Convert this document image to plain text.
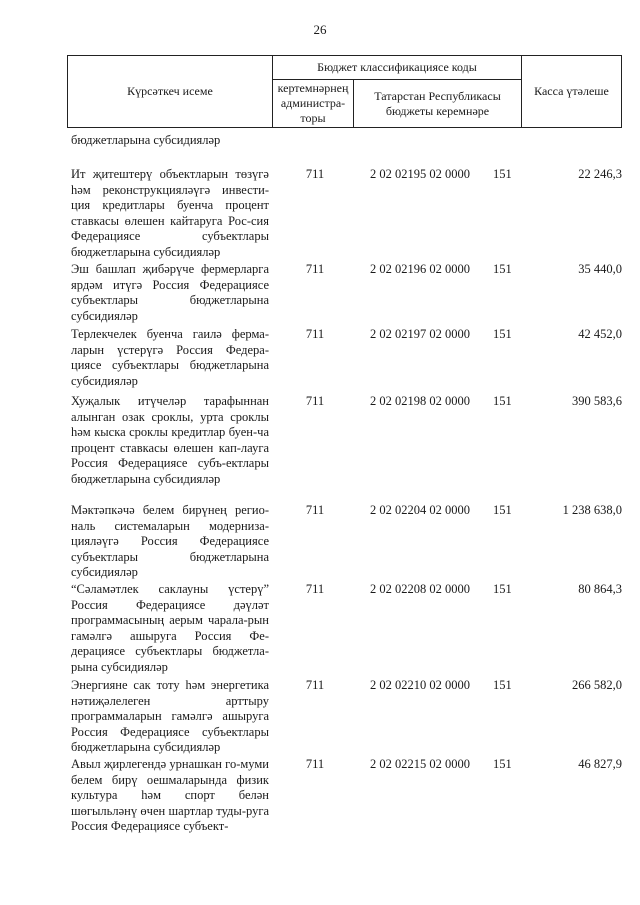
26
Күрсәткеч исеме
Бюджет классификациясе коды
кертемнәрнең администра-торы
Татарстан Республикасы бюджеты керемнәре
Касса үтәлеше
бюджетларына субсидияләр
Ит җитештерү объектларын төзүгә һәм реконструкцияләүгә инвести-ция кредитлары буенча процент ставкасы өлешен кайтаруга Рос-сия Федерациясе субъектлары бюджетларына субсидияләр
711	2 02 02195 02 0000	151	22 246,3
Эш башлап җибәрүче фермерларга ярдәм итүгә Россия Федерациясе субъектлары бюджетларына субсидияләр
711	2 02 02196 02 0000	151	35 440,0
Терлекчелек буенча гаилә ферма-ларын үстерүгә Россия Федера-циясе субъектлары бюджетларына субсидияләр
711	2 02 02197 02 0000	151	42 452,0
Хуҗалык итүчеләр тарафыннан алынган озак сроклы, урта сроклы һәм кыска сроклы кредитлар буен-ча процент ставкасы өлешен кап-лауга Россия Федерациясе субъ-ектлары бюджетларына субсидияләр
711	2 02 02198 02 0000	151	390 583,6
Мәктәпкәчә белем бирүнең регио-наль системаларын модерниза-цияләүгә Россия Федерациясе субъектлары бюджетларына субсидияләр
711	2 02 02204 02 0000	151	1 238 638,0
“Сәламәтлек саклауны үстерү” Россия Федерациясе дәүләт программасының аерым чарала-рын гамәлгә ашыруга Россия Фе-дерациясе субъектлары бюджетла-рына субсидияләр
711	2 02 02208 02 0000	151	80 864,3
Энергияне сак тоту һәм энергетика нәтиҗәлелеген арттыру программаларын гамәлгә ашыруга Россия Федерациясе субъектлары бюджетларына субсидияләр
711	2 02 02210 02 0000	151	266 582,0
Авыл җирлегендә урнашкан го-муми белем бирү оешмаларында физик культура һәм спорт белән шөгыльләнү өчен шартлар туды-руга Россия Федерациясе субъект-
711	2 02 02215 02 0000	151	46 827,9
